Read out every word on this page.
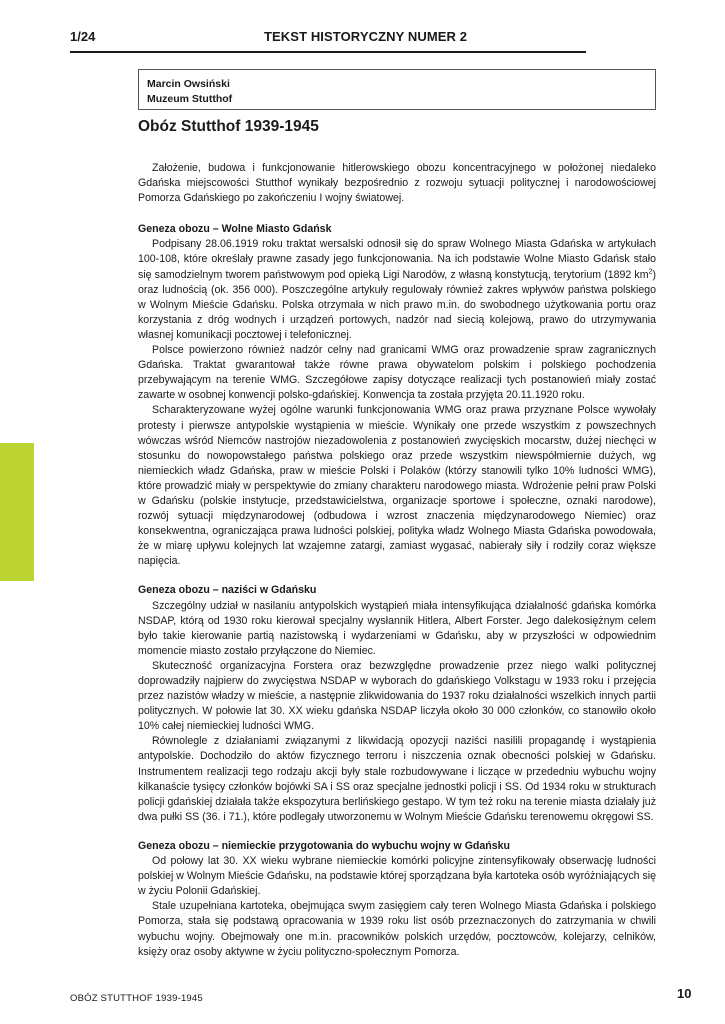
1/24	TEKST HISTORYCZNY NUMER 2
Marcin Owsiński
Muzeum Stutthof
Obóz Stutthof 1939-1945

Założenie, budowa i funkcjonowanie hitlerowskiego obozu koncentracyjnego w położonej niedaleko Gdańska miejscowości Stutthof wynikały bezpośrednio z rozwoju sytuacji politycznej i narodowościowej Pomorza Gdańskiego po zakończeniu I wojny światowej.

Geneza obozu – Wolne Miasto Gdańsk

Podpisany 28.06.1919 roku traktat wersalski odnosił się do spraw Wolnego Miasta Gdańska w artykułach 100-108, które określały prawne zasady jego funkcjonowania. Na ich podstawie Wolne Miasto Gdańsk stało się samodzielnym tworem państwowym pod opieką Ligi Narodów, z własną konstytucją, terytorium (1892 $km^2$) oraz ludnością (ok. 356 000). Poszczególne artykuły regulowały również zakres wpływów państwa polskiego w Wolnym Mieście Gdańsku. Polska otrzymała w nich prawo m.in. do swobodnego użytkowania portu oraz korzystania z dróg wodnych i urządzeń portowych, nadzór nad siecią kolejową, prawo do utrzymywania własnej komunikacji pocztowej i telefonicznej.

Polsce powierzono również nadzór celny nad granicami WMG oraz prowadzenie spraw zagranicznych Gdańska. Traktat gwarantował także równe prawa obywatelom polskim i polskiego pochodzenia przebywającym na terenie WMG. Szczegółowe zapisy dotyczące realizacji tych postanowień miały zostać zawarte w osobnej konwencji polsko-gdańskiej. Konwencja ta została przyjęta 20.11.1920 roku.

Scharakteryzowane wyżej ogólne warunki funkcjonowania WMG oraz prawa przyznane Polsce wywołały protesty i pierwsze antypolskie wystąpienia w mieście. Wynikały one przede wszystkim z powszechnych wówczas wśród Niemców nastrojów niezadowolenia z postanowień zwycięskich mocarstw, dużej niechęci w stosunku do nowopowstałego państwa polskiego oraz przede wszystkim niewspółmiernie dużych, wg niemieckich władz Gdańska, praw w mieście Polski i Polaków (którzy stanowili tylko 10% ludności WMG), które prowadzić miały w perspektywie do zmiany charakteru narodowego miasta. Wdrożenie pełni praw Polski w Gdańsku (polskie instytucje, przedstawicielstwa, organizacje sportowe i społeczne, oznaki narodowe), rozwój sytuacji międzynarodowej (odbudowa i wzrost znaczenia międzynarodowego Niemiec) oraz konsekwentna, ograniczająca prawa ludności polskiej, polityka władz Wolnego Miasta Gdańska powodowała, że w miarę upływu kolejnych lat wzajemne zatargi, zamiast wygasać, nabierały siły i rodziły coraz większe napięcia.

Geneza obozu – naziści w Gdańsku

Szczególny udział w nasilaniu antypolskich wystąpień miała intensyfikująca działalność gdańska komórka NSDAP, którą od 1930 roku kierował specjalny wysłannik Hitlera, Albert Forster. Jego dalekosiężnym celem było takie kierowanie partią nazistowską i wydarzeniami w Gdańsku, aby w przyszłości w odpowiednim momencie miasto zostało przyłączone do Niemiec.

Skuteczność organizacyjna Forstera oraz bezwzględne prowadzenie przez niego walki politycznej doprowadziły najpierw do zwycięstwa NSDAP w wyborach do gdańskiego Volkstagu w 1933 roku i przejęcia przez nazistów władzy w mieście, a następnie zlikwidowania do 1937 roku działalności wszelkich innych partii politycznych. W połowie lat 30. XX wieku gdańska NSDAP liczyła około 30 000 członków, co stanowiło około 10% całej niemieckiej ludności WMG.

Równolegle z działaniami związanymi z likwidacją opozycji naziści nasilili propagandę i wystąpienia antypolskie. Dochodziło do aktów fizycznego terroru i niszczenia oznak obecności polskiej w Gdańsku. Instrumentem realizacji tego rodzaju akcji były stale rozbudowywane i liczące w przededniu wybuchu wojny kilkanaście tysięcy członków bojówki SA i SS oraz specjalne jednostki policji i SS. Od 1934 roku w strukturach policji gdańskiej działała także ekspozytura berlińskiego gestapo. W tym też roku na terenie miasta działały już dwa pułki SS (36. i 71.), które podlegały utworzonemu w Wolnym Mieście Gdańsku terenowemu okręgowi SS.

Geneza obozu – niemieckie przygotowania do wybuchu wojny w Gdańsku

Od połowy lat 30. XX wieku wybrane niemieckie komórki policyjne zintensyfikowały obserwację ludności polskiej w Wolnym Mieście Gdańsku, na podstawie której sporządzana była kartoteka osób wyróżniających się w życiu Polonii Gdańskiej.

Stale uzupełniana kartoteka, obejmująca swym zasięgiem cały teren Wolnego Miasta Gdańska i polskiego Pomorza, stała się podstawą opracowania w 1939 roku list osób przeznaczonych do zatrzymania w chwili wybuchu wojny. Obejmowały one m.in. pracowników polskich urzędów, pocztowców, kolejarzy, celników, księży oraz osoby aktywne w życiu polityczno-społecznym Pomorza.

OBÓZ STUTTHOF 1939-1945	10
